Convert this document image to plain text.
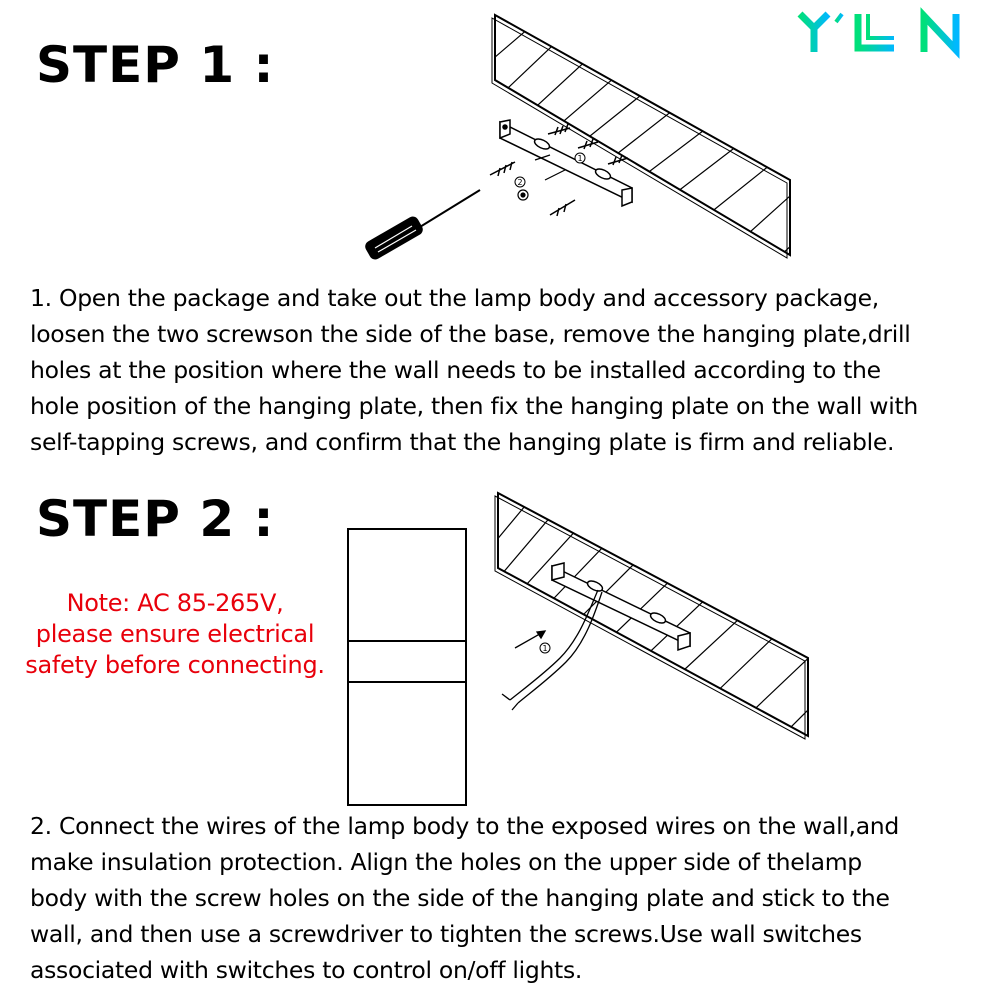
YILIN
STEP 1 :
1
2
1. Open the package and take out the lamp body and accessory package,
loosen the two screwson the side of the base, remove the hanging plate,drill
holes at the position where the wall needs to be installed according to the
hole position of the hanging plate, then fix the hanging plate on the wall with
self-tapping screws, and confirm that the hanging plate is firm and reliable.
STEP 2 :
Note: AC 85-265V,
please ensure electrical
safety before connecting.
1
2. Connect the wires of the lamp body to the exposed wires on the wall,and
make insulation protection. Align the holes on the upper side of thelamp
body with the screw holes on the side of the hanging plate and stick to the
wall, and then use a screwdriver to tighten the screws.Use wall switches
associated with switches to control on/off lights.
